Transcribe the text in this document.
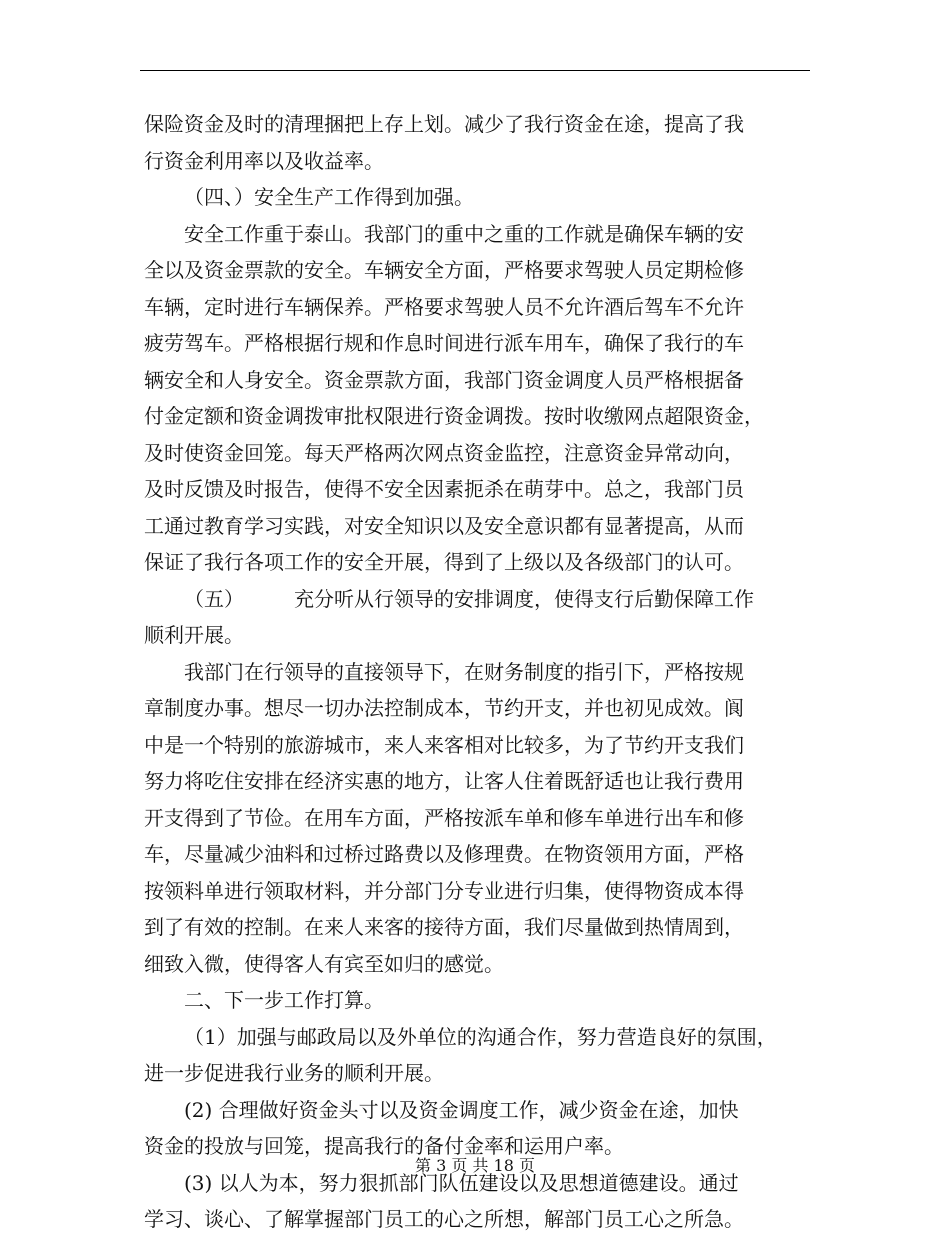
保险资金及时的清理捆把上存上划。减少了我行资金在途，提高了我
行资金利用率以及收益率。
（四、）安全生产工作得到加强。
安全工作重于泰山。我部门的重中之重的工作就是确保车辆的安
全以及资金票款的安全。车辆安全方面，严格要求驾驶人员定期检修
车辆，定时进行车辆保养。严格要求驾驶人员不允许酒后驾车不允许
疲劳驾车。严格根据行规和作息时间进行派车用车，确保了我行的车
辆安全和人身安全。资金票款方面，我部门资金调度人员严格根据备
付金定额和资金调拨审批权限进行资金调拨。按时收缴网点超限资金，
及时使资金回笼。每天严格两次网点资金监控，注意资金异常动向，
及时反馈及时报告，使得不安全因素扼杀在萌芽中。总之，我部门员
工通过教育学习实践，对安全知识以及安全意识都有显著提高，从而
保证了我行各项工作的安全开展，得到了上级以及各级部门的认可。
（五）　　　充分听从行领导的安排调度，使得支行后勤保障工作
顺利开展。
我部门在行领导的直接领导下，在财务制度的指引下，严格按规
章制度办事。想尽一切办法控制成本，节约开支，并也初见成效。阆
中是一个特别的旅游城市，来人来客相对比较多，为了节约开支我们
努力将吃住安排在经济实惠的地方，让客人住着既舒适也让我行费用
开支得到了节俭。在用车方面，严格按派车单和修车单进行出车和修
车，尽量减少油料和过桥过路费以及修理费。在物资领用方面，严格
按领料单进行领取材料，并分部门分专业进行归集，使得物资成本得
到了有效的控制。在来人来客的接待方面，我们尽量做到热情周到，
细致入微，使得客人有宾至如归的感觉。
二、下一步工作打算。
（1）加强与邮政局以及外单位的沟通合作，努力营造良好的氛围，
进一步促进我行业务的顺利开展。
(2) 合理做好资金头寸以及资金调度工作，减少资金在途，加快
资金的投放与回笼，提高我行的备付金率和运用户率。
(3) 以人为本，努力狠抓部门队伍建设以及思想道德建设。通过
学习、谈心、了解掌握部门员工的心之所想，解部门员工心之所急。
第 3 页 共 18 页
